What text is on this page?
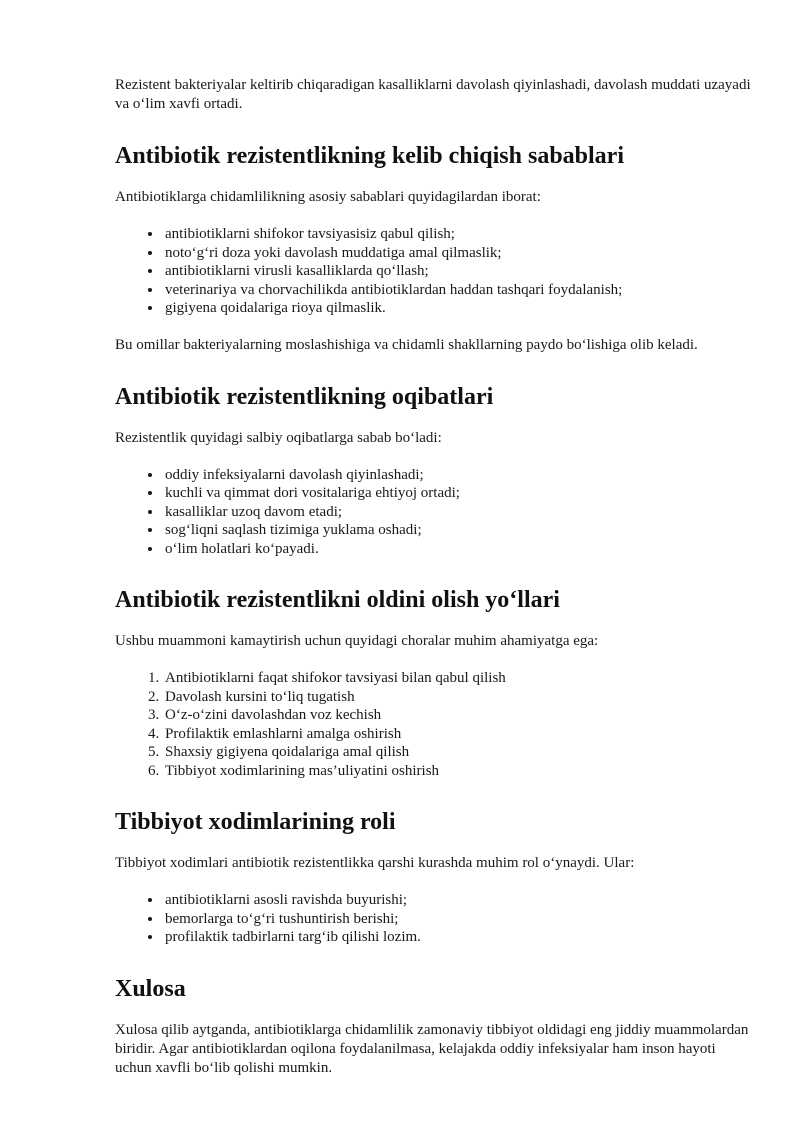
Rezistent bakteriyalar keltirib chiqaradigan kasalliklarni davolash qiyinlashadi, davolash muddati uzayadi va o‘lim xavfi ortadi.

Antibiotik rezistentlikning kelib chiqish sabablari

Antibiotiklarga chidamlilikning asosiy sabablari quyidagilardan iborat:

• antibiotiklarni shifokor tavsiyasisiz qabul qilish;
• noto‘g‘ri doza yoki davolash muddatiga amal qilmaslik;
• antibiotiklarni virusli kasalliklarda qo‘llash;
• veterinariya va chorvachilikda antibiotiklardan haddan tashqari foydalanish;
• gigiyena qoidalariga rioya qilmaslik.

Bu omillar bakteriyalarning moslashishiga va chidamli shakllarning paydo bo‘lishiga olib keladi.

Antibiotik rezistentlikning oqibatlari

Rezistentlik quyidagi salbiy oqibatlarga sabab bo‘ladi:

• oddiy infeksiyalarni davolash qiyinlashadi;
• kuchli va qimmat dori vositalariga ehtiyoj ortadi;
• kasalliklar uzoq davom etadi;
• sog‘liqni saqlash tizimiga yuklama oshadi;
• o‘lim holatlari ko‘payadi.
Antibiotik rezistentlikni oldini olish yo‘llari

Ushbu muammoni kamaytirish uchun quyidagi choralar muhim ahamiyatga ega:

1. Antibiotiklarni faqat shifokor tavsiyasi bilan qabul qilish
2. Davolash kursini to‘liq tugatish
3. O‘z-o‘zini davolashdan voz kechish
4. Profilaktik emlashlarni amalga oshirish
5. Shaxsiy gigiyena qoidalariga amal qilish
6. Tibbiyot xodimlarining mas’uliyatini oshirish
Tibbiyot xodimlarining roli

Tibbiyot xodimlari antibiotik rezistentlikka qarshi kurashda muhim rol o‘ynaydi. Ular:

• antibiotiklarni asosli ravishda buyurishi;
• bemorlarga to‘g‘ri tushuntirish berishi;
• profilaktik tadbirlarni targ‘ib qilishi lozim.
Xulosa

Xulosa qilib aytganda, antibiotiklarga chidamlilik zamonaviy tibbiyot oldidagi eng jiddiy muammolardan biridir. Agar antibiotiklardan oqilona foydalanilmasa, kelajakda oddiy infeksiyalar ham inson hayoti uchun xavfli bo‘lib qolishi mumkin.
